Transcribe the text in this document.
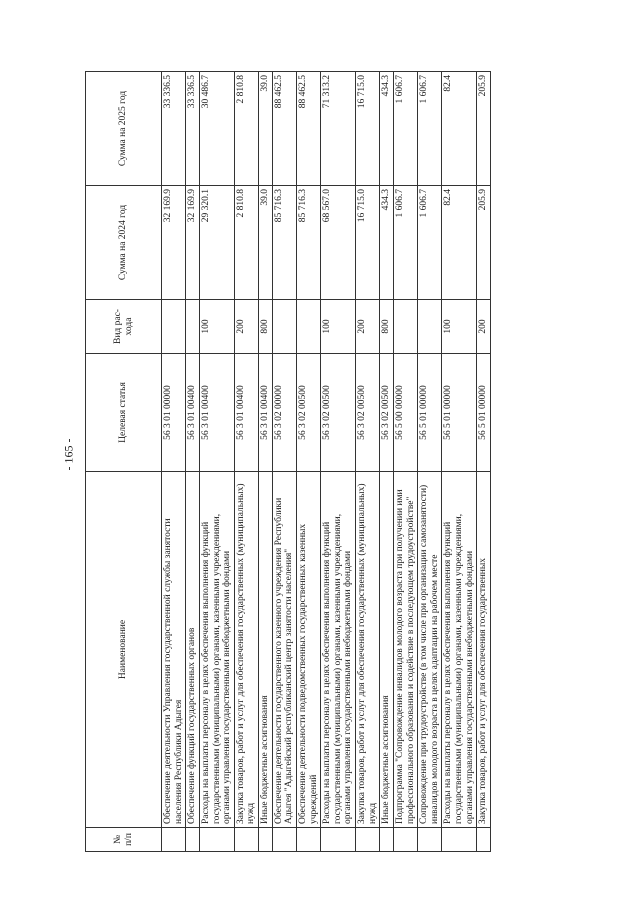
- 165 -
№ п/п	Наименование	Целевая статья	Вид рас- хода	Сумма на 2024 год	Сумма на 2025 год
	Обеспечение деятельности Управления государственной службы занятости населения Республики Адыгея	56 3 01 00000		32 169.9	33 336.5
	Обеспечение функций государственных органов	56 3 01 00400		32 169.9	33 336.5
	Расходы на выплаты персоналу в целях обеспечения выполнения функций государственными (муниципальными) органами, казенными учреждениями, органами управления государственными внебюджетными фондами	56 3 01 00400	100	29 320.1	30 486.7
	Закупка товаров, работ и услуг для обеспечения государственных (муниципальных) нужд	56 3 01 00400	200	2 810.8	2 810.8
	Иные бюджетные ассигнования	56 3 01 00400	800	39.0	39.0
	Обеспечение деятельности государственного казенного учреждения Республики Адыгея "Адыгейский республиканский центр занятости населения"	56 3 02 00000		85 716.3	88 462.5
	Обеспечение деятельности подведомственных государственных казенных учреждений	56 3 02 00500		85 716.3	88 462.5
	Расходы на выплаты персоналу в целях обеспечения выполнения функций государственными (муниципальными) органами, казенными учреждениями, органами управления государственными внебюджетными фондами	56 3 02 00500	100	68 567.0	71 313.2
	Закупка товаров, работ и услуг для обеспечения государственных (муниципальных) нужд	56 3 02 00500	200	16 715.0	16 715.0
	Иные бюджетные ассигнования	56 3 02 00500	800	434.3	434.3
	Подпрограмма "Сопровождение инвалидов молодого возраста при получении ими профессионального образования и содействие в последующем трудоустройстве"	56 5 00 00000		1 606.7	1 606.7
	Сопровождение при трудоустройстве (в том числе при организации самозанятости) инвалидов молодого возраста в целях адаптации на рабочем месте	56 5 01 00000		1 606.7	1 606.7
	Расходы на выплаты персоналу в целях обеспечения выполнения функций государственными (муниципальными) органами, казенными учреждениями, органами управления государственными внебюджетными фондами	56 5 01 00000	100	82.4	82.4
	Закупка товаров, работ и услуг для обеспечения государственных	56 5 01 00000	200	205.9	205.9
